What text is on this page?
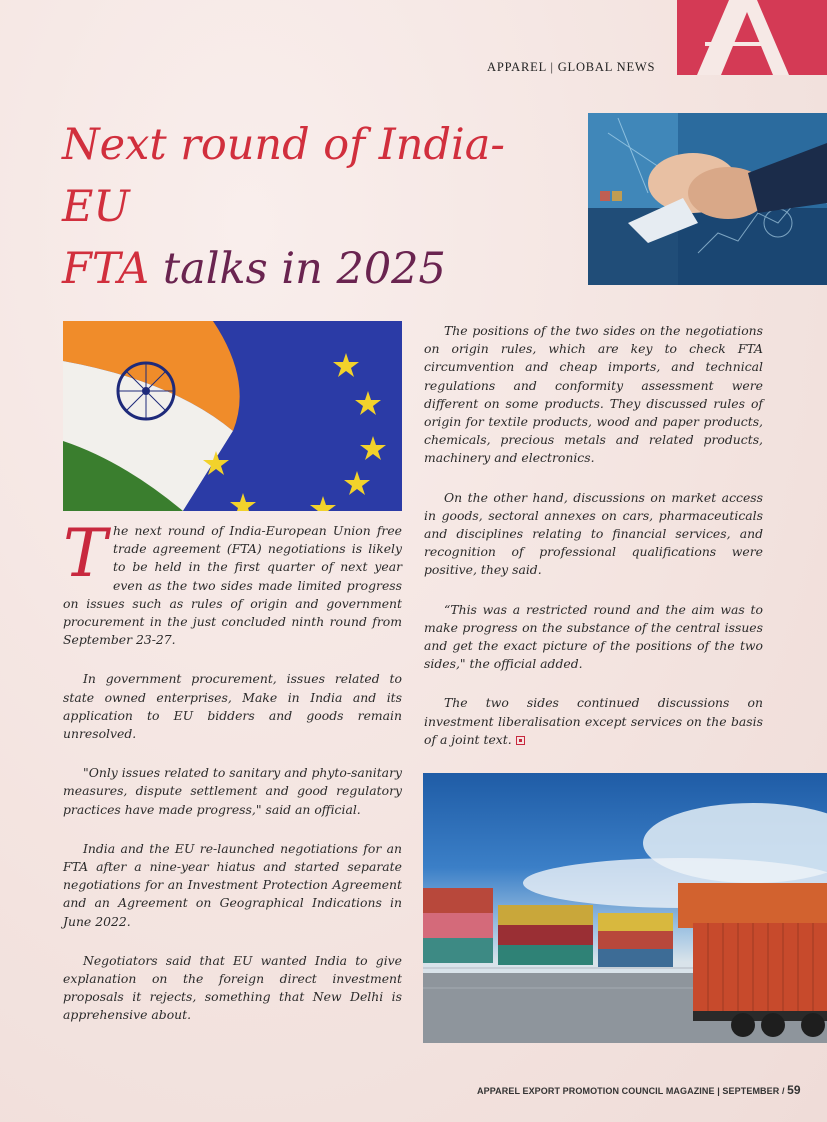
APPAREL | GLOBAL NEWS
Next round of India-EU
FTA talks in 2025

The next round of India-European Union free trade agreement (FTA) negotiations is likely to be held in the first quarter of next year even as the two sides made limited progress on issues such as rules of origin and government procurement in the just concluded ninth round from September 23-27.

In government procurement, issues related to state owned enterprises, Make in India and its application to EU bidders and goods remain unresolved.

"Only issues related to sanitary and phyto-sanitary measures, dispute settlement and good regulatory practices have made progress," said an official.

India and the EU re-launched negotiations for an FTA after a nine-year hiatus and started separate negotiations for an Investment Protection Agreement and an Agreement on Geographical Indications in June 2022.

Negotiators said that EU wanted India to give explanation on the foreign direct investment proposals it rejects, something that New Delhi is apprehensive about.

The positions of the two sides on the negotiations on origin rules, which are key to check FTA circumvention and cheap imports, and technical regulations and conformity assessment were different on some products. They discussed rules of origin for textile products, wood and paper products, chemicals, precious metals and related products, machinery and electronics.

On the other hand, discussions on market access in goods, sectoral annexes on cars, pharmaceuticals and disciplines relating to financial services, and recognition of professional qualifications were positive, they said.

“This was a restricted round and the aim was to make progress on the substance of the central issues and get the exact picture of the positions of the two sides," the official added.

The two sides continued discussions on investment liberalisation except services on the basis of a joint text.

APPAREL EXPORT PROMOTION COUNCIL MAGAZINE | SEPTEMBER / 59
